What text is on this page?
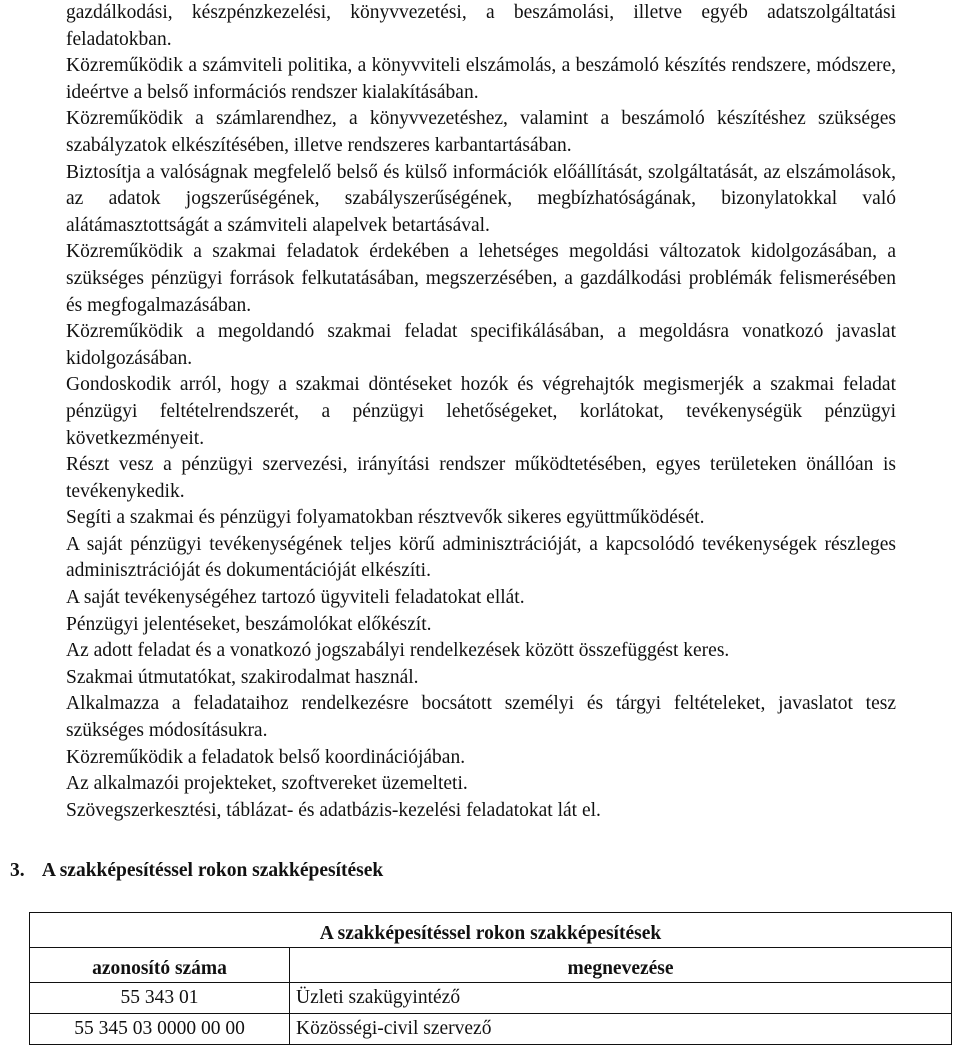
gazdálkodási, készpénzkezelési, könyvvezetési, a beszámolási, illetve egyéb adatszolgáltatási feladatokban.

Közreműködik a számviteli politika, a könyvviteli elszámolás, a beszámoló készítés rendszere, módszere, ideértve a belső információs rendszer kialakításában.

Közreműködik a számlarendhez, a könyvvezetéshez, valamint a beszámoló készítéshez szükséges szabályzatok elkészítésében, illetve rendszeres karbantartásában.

Biztosítja a valóságnak megfelelő belső és külső információk előállítását, szolgáltatását, az elszámolások, az adatok jogszerűségének, szabályszerűségének, megbízhatóságának, bizonylatokkal való alátámasztottságát a számviteli alapelvek betartásával.

Közreműködik a szakmai feladatok érdekében a lehetséges megoldási változatok kidolgozásában, a szükséges pénzügyi források felkutatásában, megszerzésében, a gazdálkodási problémák felismerésében és megfogalmazásában.

Közreműködik a megoldandó szakmai feladat specifikálásában, a megoldásra vonatkozó javaslat kidolgozásában.

Gondoskodik arról, hogy a szakmai döntéseket hozók és végrehajtók megismerjék a szakmai feladat pénzügyi feltételrendszerét, a pénzügyi lehetőségeket, korlátokat, tevékenységük pénzügyi következményeit.

Részt vesz a pénzügyi szervezési, irányítási rendszer működtetésében, egyes területeken önállóan is tevékenykedik.

Segíti a szakmai és pénzügyi folyamatokban résztvevők sikeres együttműködését.

A saját pénzügyi tevékenységének teljes körű adminisztrációját, a kapcsolódó tevékenységek részleges adminisztrációját és dokumentációját elkészíti.

A saját tevékenységéhez tartozó ügyviteli feladatokat ellát.

Pénzügyi jelentéseket, beszámolókat előkészít.

Az adott feladat és a vonatkozó jogszabályi rendelkezések között összefüggést keres.

Szakmai útmutatókat, szakirodalmat használ.

Alkalmazza a feladataihoz rendelkezésre bocsátott személyi és tárgyi feltételeket, javaslatot tesz szükséges módosításukra.

Közreműködik a feladatok belső koordinációjában.

Az alkalmazói projekteket, szoftvereket üzemelteti.

Szövegszerkesztési, táblázat- és adatbázis-kezelési feladatokat lát el.

3. A szakképesítéssel rokon szakképesítések
A szakképesítéssel rokon szakképesítések	
azonosító száma	megnevezése
55 343 01	Üzleti szakügyintéző
55 345 03 0000 00 00	Közösségi-civil szervező
